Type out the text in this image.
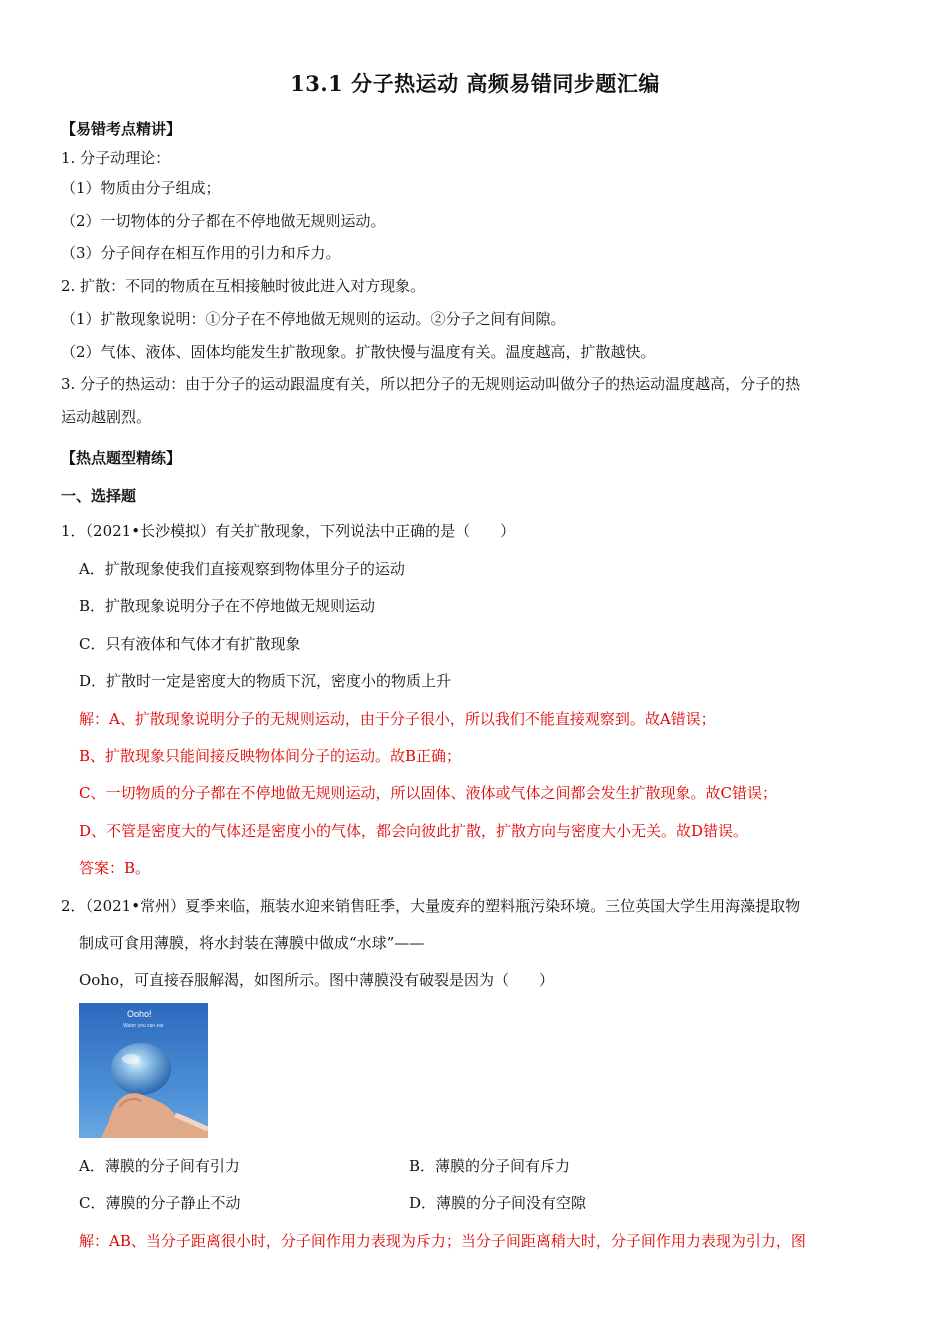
13.1 分子热运动 高频易错同步题汇编
【易错考点精讲】
1. 分子动理论：
（1）物质由分子组成；
（2）一切物体的分子都在不停地做无规则运动。
（3）分子间存在相互作用的引力和斥力。
2. 扩散：不同的物质在互相接触时彼此进入对方现象。
（1）扩散现象说明：①分子在不停地做无规则的运动。②分子之间有间隙。
（2）气体、液体、固体均能发生扩散现象。扩散快慢与温度有关。温度越高，扩散越快。
3. 分子的热运动：由于分子的运动跟温度有关，所以把分子的无规则运动叫做分子的热运动温度越高，分子的热
运动越剧烈。
【热点题型精练】
一、选择题
1．（2021•长沙模拟）有关扩散现象，下列说法中正确的是（　　）
A．扩散现象使我们直接观察到物体里分子的运动
B．扩散现象说明分子在不停地做无规则运动
C．只有液体和气体才有扩散现象
D．扩散时一定是密度大的物质下沉，密度小的物质上升
解：A、扩散现象说明分子的无规则运动，由于分子很小，所以我们不能直接观察到。故A错误；
B、扩散现象只能间接反映物体间分子的运动。故B正确；
C、一切物质的分子都在不停地做无规则运动，所以固体、液体或气体之间都会发生扩散现象。故C错误；
D、不管是密度大的气体还是密度小的气体，都会向彼此扩散，扩散方向与密度大小无关。故D错误。
答案：B。
2．（2021•常州）夏季来临，瓶装水迎来销售旺季，大量废弃的塑料瓶污染环境。三位英国大学生用海藻提取物
制成可食用薄膜，将水封装在薄膜中做成“水球”——
Ooho，可直接吞服解渴，如图所示。图中薄膜没有破裂是因为（　　）
Ooho!
Water you can eat
A．薄膜的分子间有引力	B．薄膜的分子间有斥力
C．薄膜的分子静止不动	D．薄膜的分子间没有空隙
解：AB、当分子距离很小时，分子间作用力表现为斥力；当分子间距离稍大时，分子间作用力表现为引力，图
